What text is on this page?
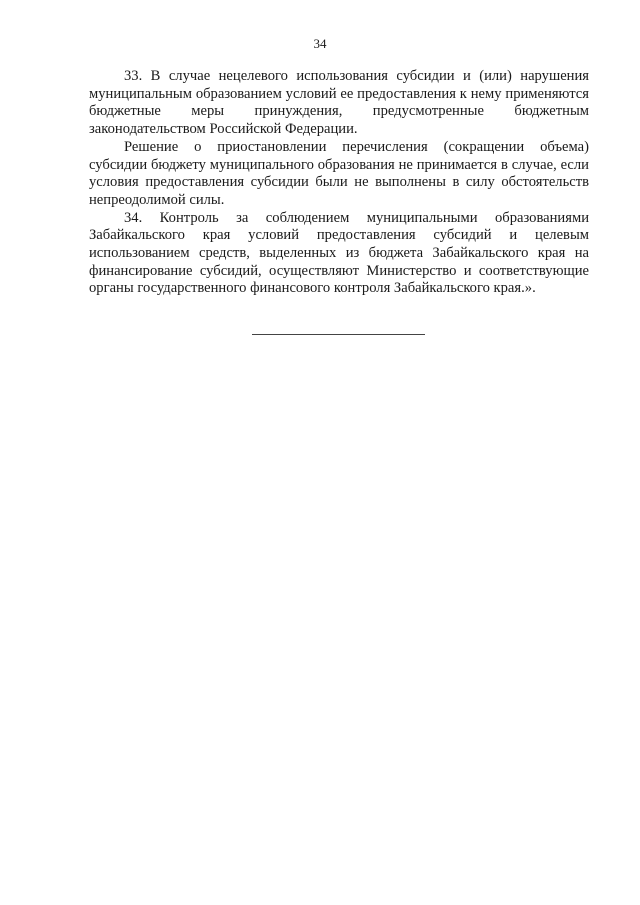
34

33. В случае нецелевого использования субсидии и (или) нарушения муниципальным образованием условий ее предоставления к нему применяются бюджетные меры принуждения, предусмотренные бюджетным законодательством Российской Федерации.

Решение о приостановлении перечисления (сокращении объема) субсидии бюджету муниципального образования не принимается в случае, если условия предоставления субсидии были не выполнены в силу обстоятельств непреодолимой силы.

34. Контроль за соблюдением муниципальными образованиями Забайкальского края условий предоставления субсидий и целевым использованием средств, выделенных из бюджета Забайкальского края на финансирование субсидий, осуществляют Министерство и соответствующие органы государственного финансового контроля Забайкальского края.».
